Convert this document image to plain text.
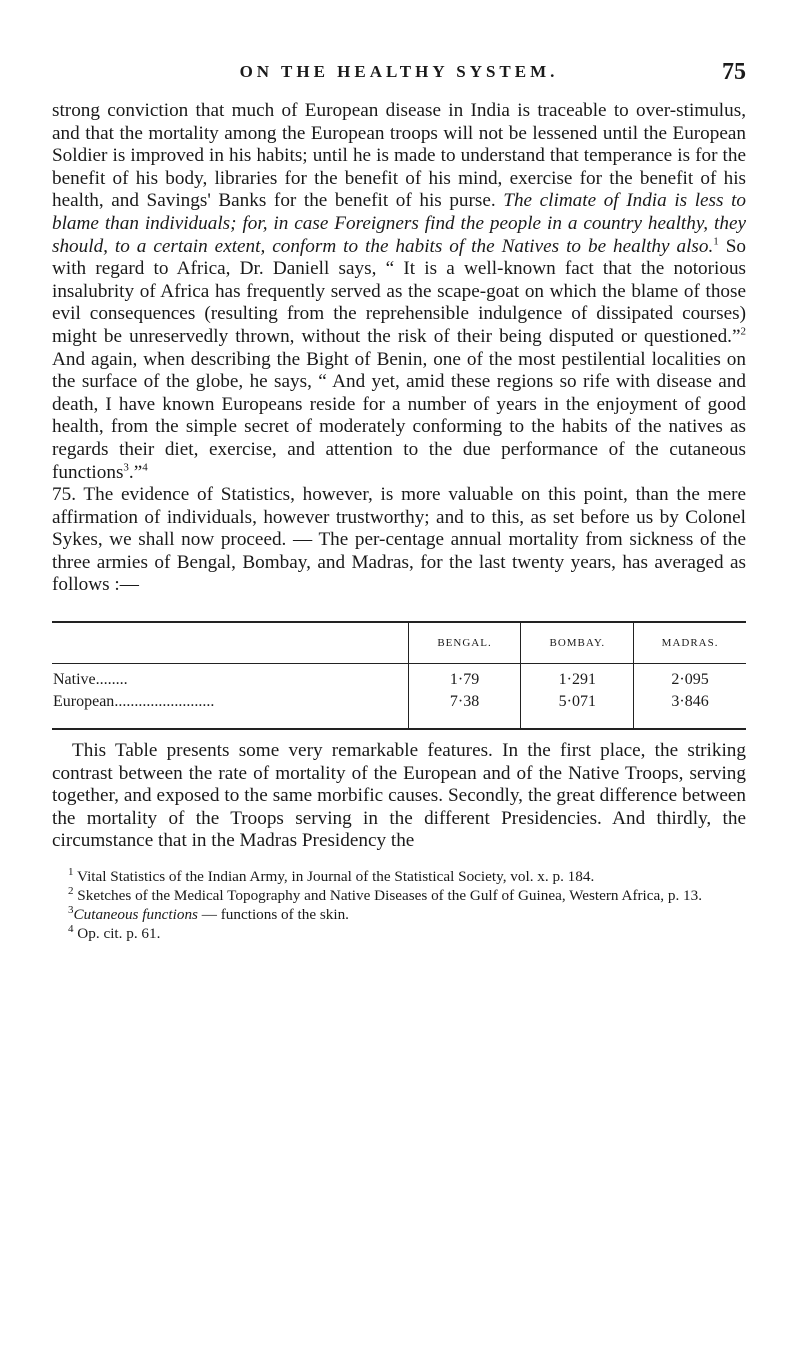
ON THE HEALTHY SYSTEM.	75

strong conviction that much of European disease in India is traceable to over-stimulus, and that the mortality among the European troops will not be lessened until the European Soldier is improved in his habits; until he is made to understand that temperance is for the benefit of his body, libraries for the benefit of his mind, exercise for the benefit of his health, and Savings' Banks for the benefit of his purse. The climate of India is less to blame than individuals; for, in case Foreigners find the people in a country healthy, they should, to a certain extent, conform to the habits of the Natives to be healthy also.$^1$ So with regard to Africa, Dr. Daniell says, “ It is a well-known fact that the notorious insalubrity of Africa has frequently served as the scape-goat on which the blame of those evil consequences (resulting from the reprehensible indulgence of dissipated courses) might be unreservedly thrown, without the risk of their being disputed or questioned.”$^2$ And again, when describing the Bight of Benin, one of the most pestilential localities on the surface of the globe, he says, “ And yet, amid these regions so rife with disease and death, I have known Europeans reside for a number of years in the enjoyment of good health, from the simple secret of moderately conforming to the habits of the natives as regards their diet, exercise, and attention to the due performance of the cutaneous functions$^3$.”$^4$

75. The evidence of Statistics, however, is more valuable on this point, than the mere affirmation of individuals, however trustworthy; and to this, as set before us by Colonel Sykes, we shall now proceed. — The per-centage annual mortality from sickness of the three armies of Bengal, Bombay, and Madras, for the last twenty years, has averaged as follows :—

	BENGAL.	BOMBAY.	MADRAS.
Native........	1·79	1·291	2·095
European.........................	7·38	5·071	3·846

This Table presents some very remarkable features. In the first place, the striking contrast between the rate of mortality of the European and of the Native Troops, serving together, and exposed to the same morbific causes. Secondly, the great difference between the mortality of the Troops serving in the different Presidencies. And thirdly, the circumstance that in the Madras Presidency the

$^1$ Vital Statistics of the Indian Army, in Journal of the Statistical Society, vol. x. p. 184.

$^2$ Sketches of the Medical Topography and Native Diseases of the Gulf of Guinea, Western Africa, p. 13.

$^3$Cutaneous functions — functions of the skin.

$^4$ Op. cit. p. 61.
